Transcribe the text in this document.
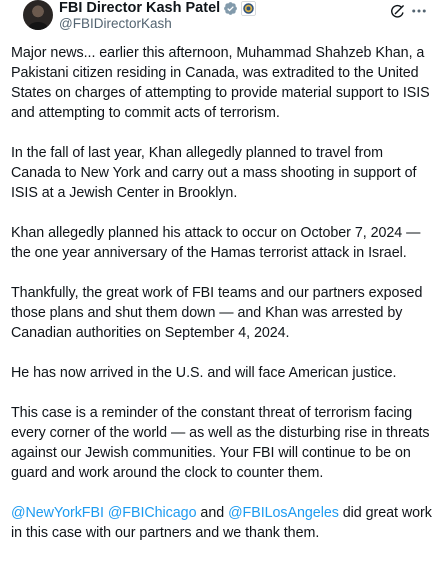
FBI Director Kash Patel
@FBIDirectorKash

Major news... earlier this afternoon, Muhammad Shahzeb Khan, a Pakistani citizen residing in Canada, was extradited to the United States on charges of attempting to provide material support to ISIS and attempting to commit acts of terrorism.

In the fall of last year, Khan allegedly planned to travel from Canada to New York and carry out a mass shooting in support of ISIS at a Jewish Center in Brooklyn.

Khan allegedly planned his attack to occur on October 7, 2024 — the one year anniversary of the Hamas terrorist attack in Israel.

Thankfully, the great work of FBI teams and our partners exposed those plans and shut them down — and Khan was arrested by Canadian authorities on September 4, 2024.

He has now arrived in the U.S. and will face American justice.

This case is a reminder of the constant threat of terrorism facing every corner of the world — as well as the disturbing rise in threats against our Jewish communities. Your FBI will continue to be on guard and work around the clock to counter them.

@NewYorkFBI @FBIChicago and @FBILosAngeles did great work in this case with our partners and we thank them.
